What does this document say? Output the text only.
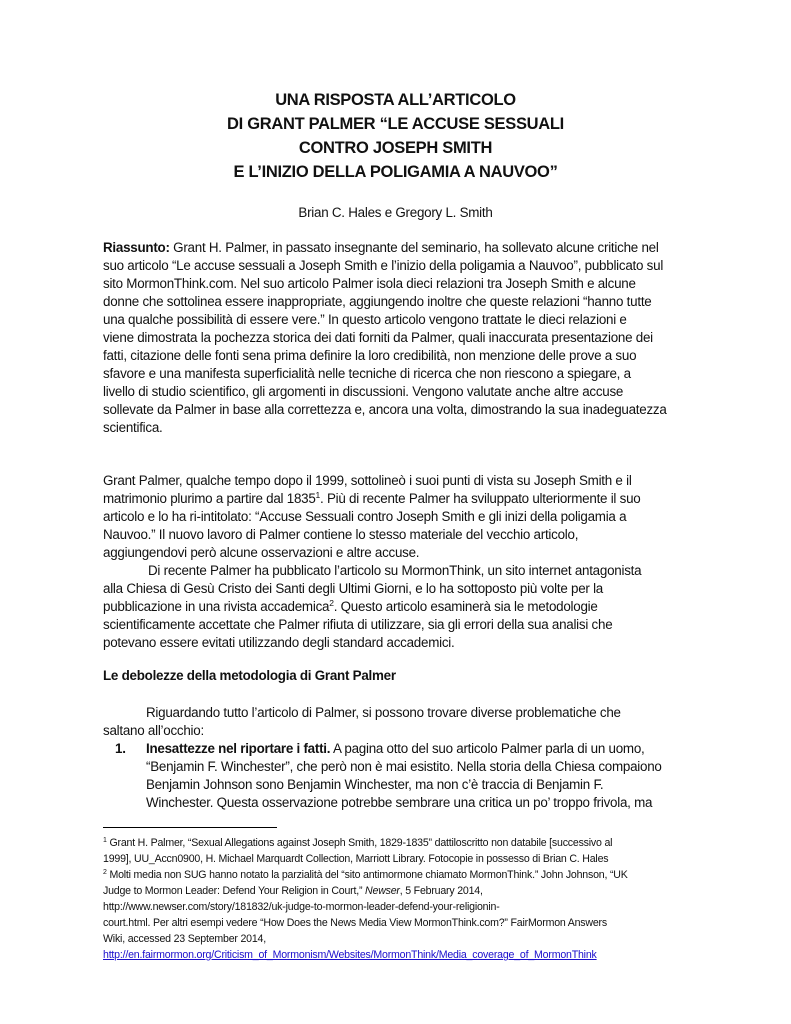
UNA RISPOSTA ALL’ARTICOLO
DI GRANT PALMER “LE ACCUSE SESSUALI
CONTRO JOSEPH SMITH
E L’INIZIO DELLA POLIGAMIA A NAUVOO”
Brian C. Hales e Gregory L. Smith
Riassunto: Grant H. Palmer, in passato insegnante del seminario, ha sollevato alcune critiche nel
suo articolo “Le accuse sessuali a Joseph Smith e l’inizio della poligamia a Nauvoo”, pubblicato sul
sito MormonThink.com. Nel suo articolo Palmer isola dieci relazioni tra Joseph Smith e alcune
donne che sottolinea essere inappropriate, aggiungendo inoltre che queste relazioni “hanno tutte
una qualche possibilità di essere vere.” In questo articolo vengono trattate le dieci relazioni e
viene dimostrata la pochezza storica dei dati forniti da Palmer, quali inaccurata presentazione dei
fatti, citazione delle fonti sena prima definire la loro credibilità, non menzione delle prove a suo
sfavore e una manifesta superficialità nelle tecniche di ricerca che non riescono a spiegare, a
livello di studio scientifico, gli argomenti in discussioni. Vengono valutate anche altre accuse
sollevate da Palmer in base alla correttezza e, ancora una volta, dimostrando la sua inadeguatezza
scientifica.
Grant Palmer, qualche tempo dopo il 1999, sottolineò i suoi punti di vista su Joseph Smith e il
matrimonio plurimo a partire dal 1835$^1$. Più di recente Palmer ha sviluppato ulteriormente il suo
articolo e lo ha ri-intitolato: “Accuse Sessuali contro Joseph Smith e gli inizi della poligamia a
Nauvoo.” Il nuovo lavoro di Palmer contiene lo stesso materiale del vecchio articolo,
aggiungendovi però alcune osservazioni e altre accuse.
Di recente Palmer ha pubblicato l’articolo su MormonThink, un sito internet antagonista
alla Chiesa di Gesù Cristo dei Santi degli Ultimi Giorni, e lo ha sottoposto più volte per la
pubblicazione in una rivista accademica$^2$. Questo articolo esaminerà sia le metodologie
scientificamente accettate che Palmer rifiuta di utilizzare, sia gli errori della sua analisi che
potevano essere evitati utilizzando degli standard accademici.
Le debolezze della metodologia di Grant Palmer
Riguardando tutto l’articolo di Palmer, si possono trovare diverse problematiche che
saltano all’occhio:
1. Inesattezze nel riportare i fatti. A pagina otto del suo articolo Palmer parla di un uomo,
“Benjamin F. Winchester”, che però non è mai esistito. Nella storia della Chiesa compaiono
Benjamin Johnson sono Benjamin Winchester, ma non c’è traccia di Benjamin F.
Winchester. Questa osservazione potrebbe sembrare una critica un po’ troppo frivola, ma
$^1$ Grant H. Palmer, “Sexual Allegations against Joseph Smith, 1829-1835” dattiloscritto non databile [successivo al
1999], UU_Accn0900, H. Michael Marquardt Collection, Marriott Library. Fotocopie in possesso di Brian C. Hales
$^2$ Molti media non SUG hanno notato la parzialità del “sito antimormone chiamato MormonThink.” John Johnson, “UK
Judge to Mormon Leader: Defend Your Religion in Court,” Newser, 5 February 2014,
http://www.newser.com/story/181832/uk-judge-to-mormon-leader-defend-your-religionin-
court.html. Per altri esempi vedere “How Does the News Media View MormonThink.com?” FairMormon Answers
Wiki, accessed 23 September 2014,
http://en.fairmormon.org/Criticism_of_Mormonism/Websites/MormonThink/Media_coverage_of_MormonThink
